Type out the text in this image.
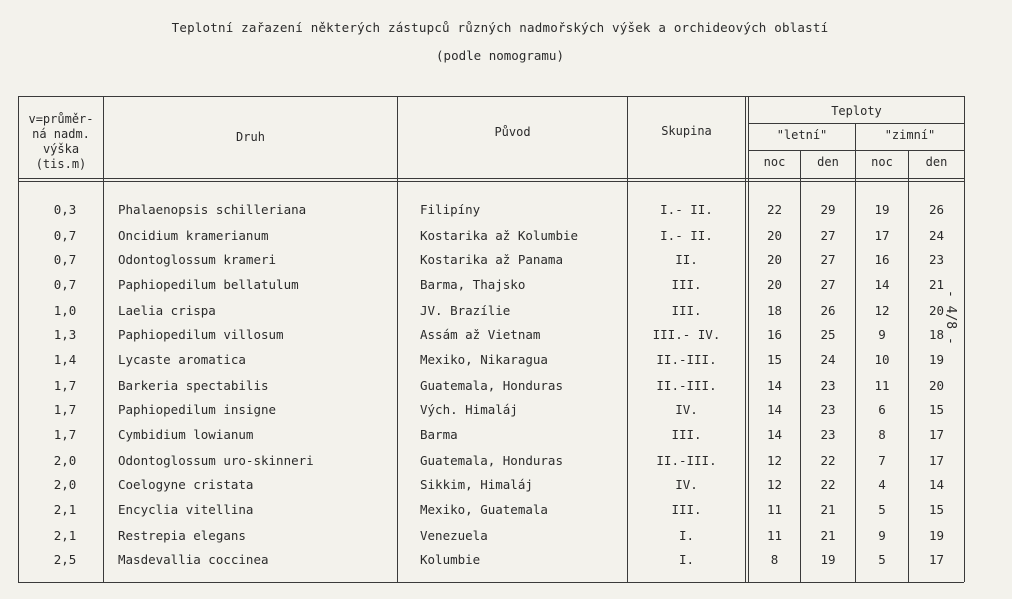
Teplotní zařazení některých zástupců různých nadmořských výšek a orchideových oblastí
(podle nomogramu)
- 4/8 -
v=průměr-
ná nadm.
výška
(tis.m)
Druh	Původ	Skupina
Teploty
"letní"	"zimní"
noc	den	noc	den
0,3	Phalaenopsis schilleriana	Filipíny	I.- II.	22	29	19	26
0,7	Oncidium kramerianum	Kostarika až Kolumbie	I.- II.	20	27	17	24
0,7	Odontoglossum krameri	Kostarika až Panama	II.	20	27	16	23
0,7	Paphiopedilum bellatulum	Barma, Thajsko	III.	20	27	14	21
1,0	Laelia crispa	JV. Brazílie	III.	18	26	12	20
1,3	Paphiopedilum villosum	Assám až Vietnam	III.- IV.	16	25	9	18
1,4	Lycaste aromatica	Mexiko, Nikaragua	II.-III.	15	24	10	19
1,7	Barkeria spectabilis	Guatemala, Honduras	II.-III.	14	23	11	20
1,7	Paphiopedilum insigne	Vých. Himaláj	IV.	14	23	6	15
1,7	Cymbidium lowianum	Barma	III.	14	23	8	17
2,0	Odontoglossum uro-skinneri	Guatemala, Honduras	II.-III.	12	22	7	17
2,0	Coelogyne cristata	Sikkim, Himaláj	IV.	12	22	4	14
2,1	Encyclia vitellina	Mexiko, Guatemala	III.	11	21	5	15
2,1	Restrepia elegans	Venezuela	I.	11	21	9	19
2,5	Masdevallia coccinea	Kolumbie	I.	8	19	5	17
